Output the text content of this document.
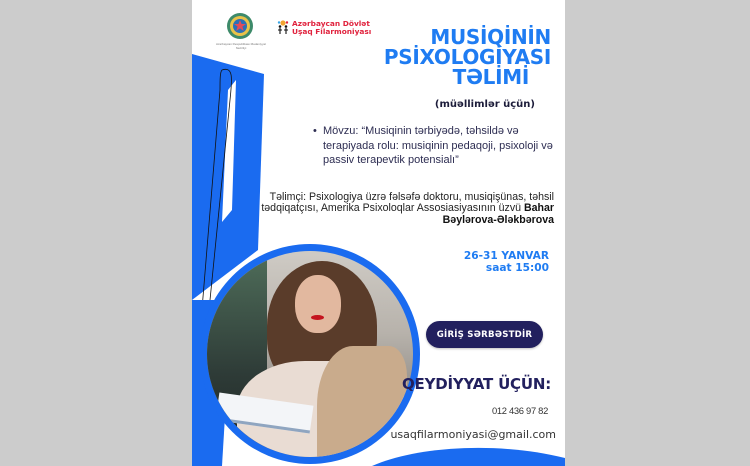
Azərbaycan Respublikası Mədəniyyət Nazirliyi
Azərbaycan Dövlət
Uşaq Filarmoniyası	MUSİQİNİN
PSİXOLOGİYASI
TƏLİMİ
(müəllimlər üçün)
• Mövzu: “Musiqinin tərbiyədə, təhsildə və terapiyada rolu: musiqinin pedaqoji, psixoloji və passiv terapevtik potensialı”
Təlimçi: Psixologiya üzrə fəlsəfə doktoru, musiqişünas, təhsil tədqiqatçısı, Amerika Psixoloqlar Assosiasiyasının üzvü Bahar Bəylərova-Ələkbərova
26-31 YANVAR
saat 15:00
GİRİŞ SƏRBƏSTDİR
QEYDİYYAT ÜÇÜN:
012 436 97 82
usaqfilarmoniyasi@gmail.com
